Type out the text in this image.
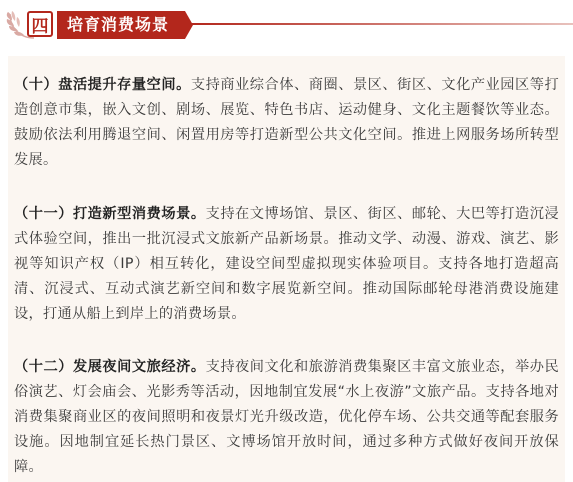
四 培育消费场景

（十）盘活提升存量空间。支持商业综合体、商圈、景区、街区、文化产业园区等打造创意市集，嵌入文创、剧场、展览、特色书店、运动健身、文化主题餐饮等业态。鼓励依法利用腾退空间、闲置用房等打造新型公共文化空间。推进上网服务场所转型发展。

（十一）打造新型消费场景。支持在文博场馆、景区、街区、邮轮、大巴等打造沉浸式体验空间，推出一批沉浸式文旅新产品新场景。推动文学、动漫、游戏、演艺、影视等知识产权（IP）相互转化，建设空间型虚拟现实体验项目。支持各地打造超高清、沉浸式、互动式演艺新空间和数字展览新空间。推动国际邮轮母港消费设施建设，打通从船上到岸上的消费场景。

（十二）发展夜间文旅经济。支持夜间文化和旅游消费集聚区丰富文旅业态，举办民俗演艺、灯会庙会、光影秀等活动，因地制宜发展“水上夜游”文旅产品。支持各地对消费集聚商业区的夜间照明和夜景灯光升级改造，优化停车场、公共交通等配套服务设施。因地制宜延长热门景区、文博场馆开放时间，通过多种方式做好夜间开放保障。
